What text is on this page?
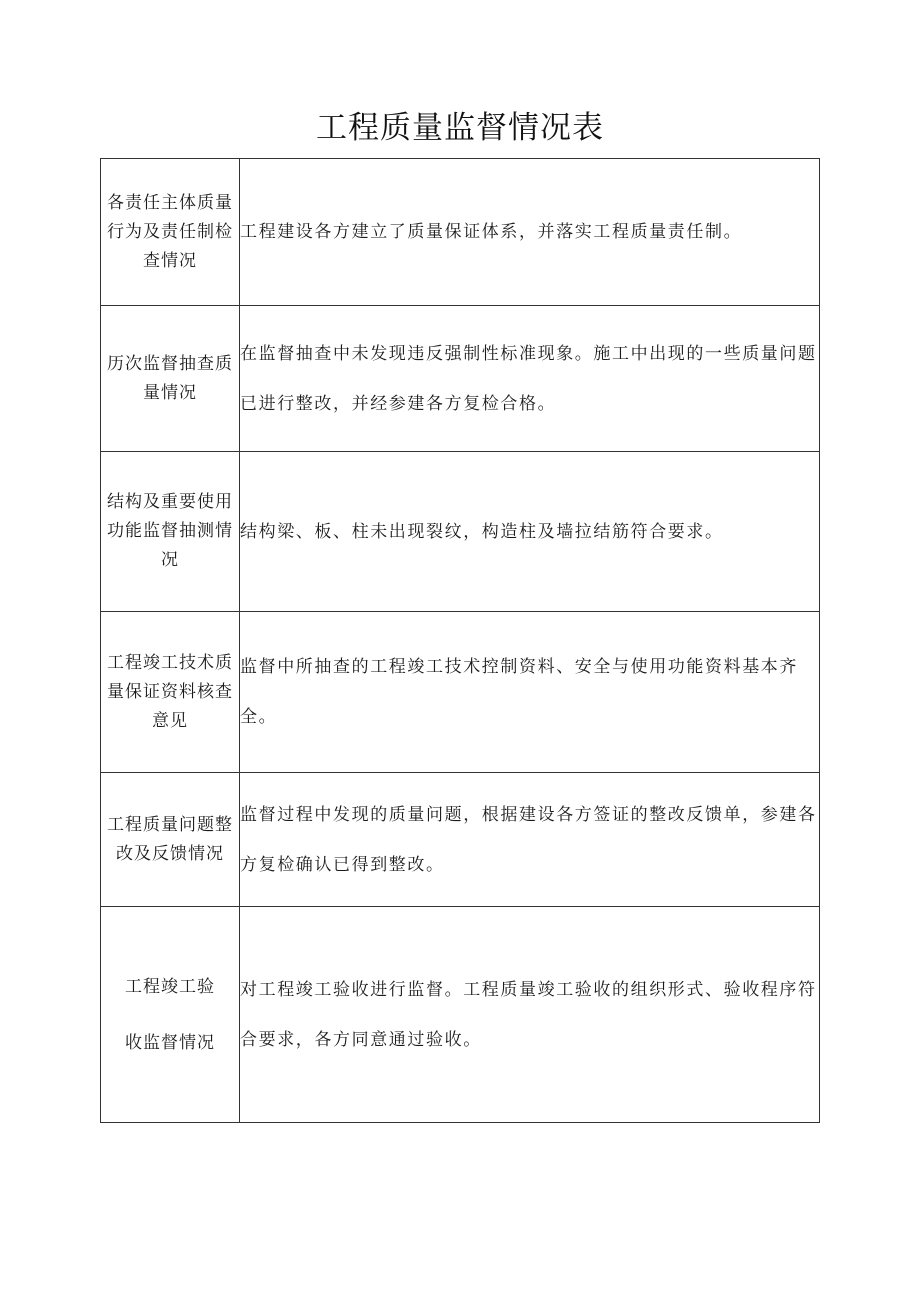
工程质量监督情况表
各责任主体质量行为及责任制检查情况	工程建设各方建立了质量保证体系，并落实工程质量责任制。
历次监督抽查质量情况	在监督抽查中未发现违反强制性标准现象。施工中出现的一些质量问题已进行整改，并经参建各方复检合格。
结构及重要使用功能监督抽测情况	结构梁、板、柱未出现裂纹，构造柱及墙拉结筋符合要求。
工程竣工技术质量保证资料核查意见	监督中所抽查的工程竣工技术控制资料、安全与使用功能资料基本齐全。
工程质量问题整改及反馈情况	监督过程中发现的质量问题，根据建设各方签证的整改反馈单，参建各方复检确认已得到整改。
工程竣工验收监督情况	对工程竣工验收进行监督。工程质量竣工验收的组织形式、验收程序符合要求，各方同意通过验收。
